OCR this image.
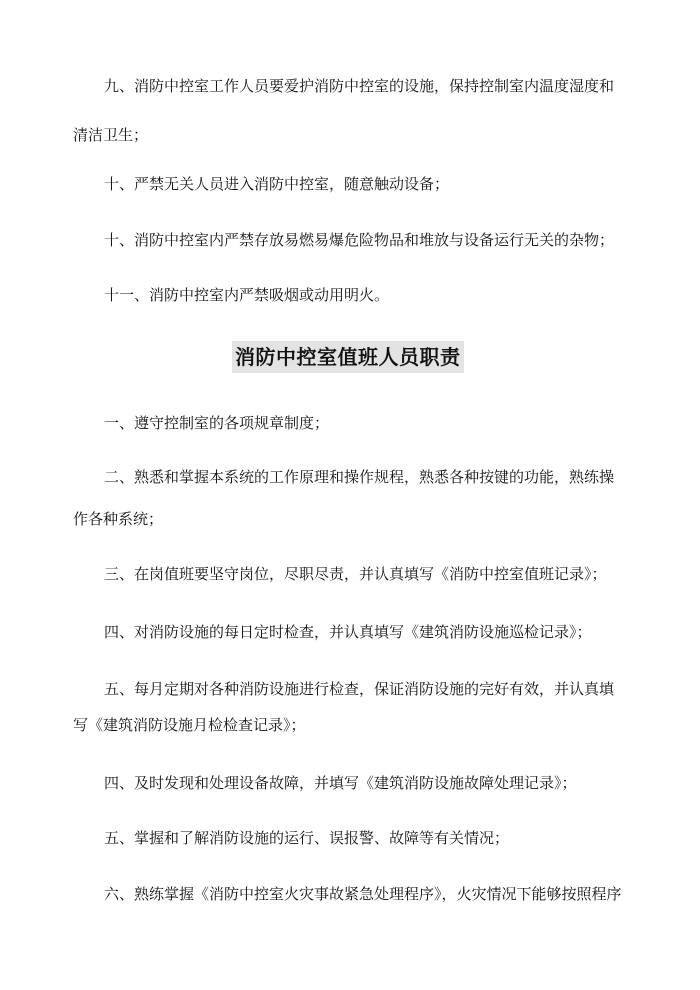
九、消防中控室工作人员要爱护消防中控室的设施，保持控制室内温度湿度和
清洁卫生；
十、严禁无关人员进入消防中控室，随意触动设备；
十、消防中控室内严禁存放易燃易爆危险物品和堆放与设备运行无关的杂物；
十一、消防中控室内严禁吸烟或动用明火。
消防中控室值班人员职责
一、遵守控制室的各项规章制度；
二、熟悉和掌握本系统的工作原理和操作规程，熟悉各种按键的功能，熟练操
作各种系统；
三、在岗值班要坚守岗位，尽职尽责，并认真填写《消防中控室值班记录》；
四、对消防设施的每日定时检查，并认真填写《建筑消防设施巡检记录》；
五、每月定期对各种消防设施进行检查，保证消防设施的完好有效，并认真填
写《建筑消防设施月检检查记录》；
四、及时发现和处理设备故障，并填写《建筑消防设施故障处理记录》；
五、掌握和了解消防设施的运行、误报警、故障等有关情况；
六、熟练掌握《消防中控室火灾事故紧急处理程序》，火灾情况下能够按照程序
